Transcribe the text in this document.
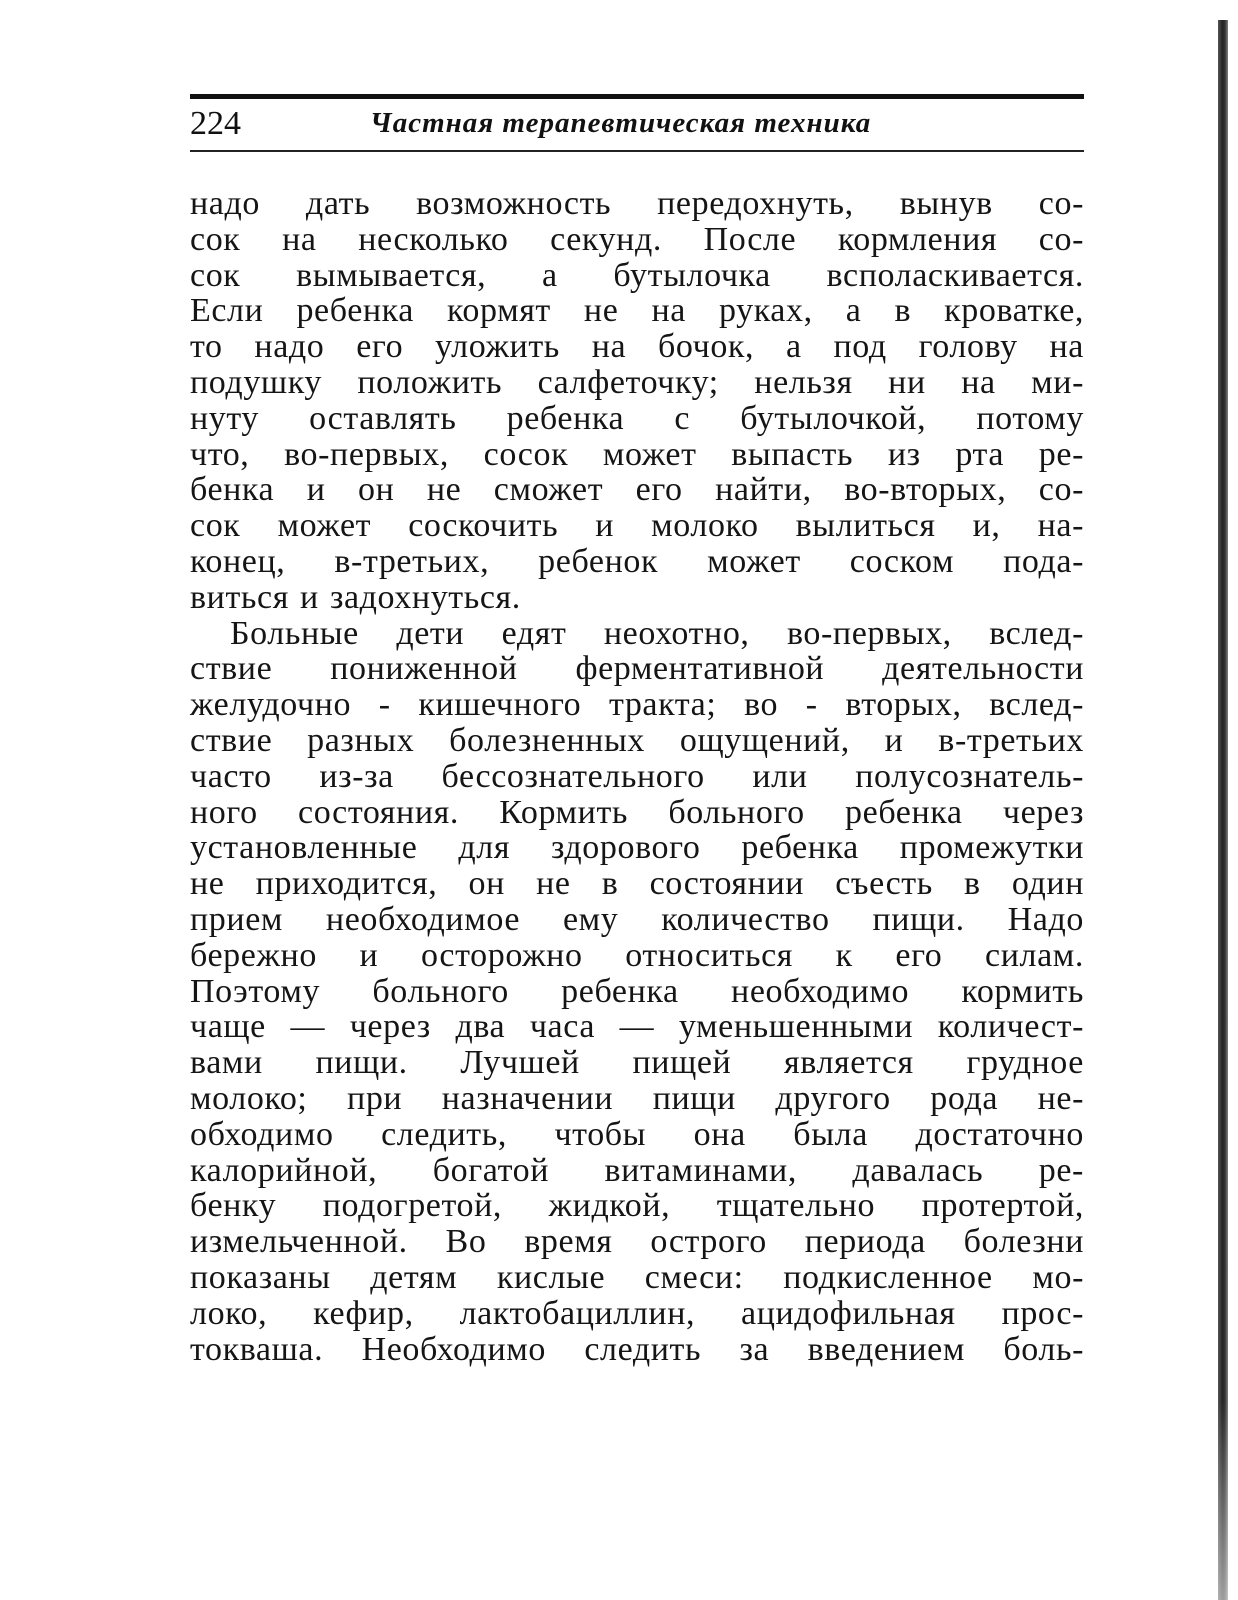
224	Частная терапевтическая техника
надо дать возможность передохнуть, вынув со-
сок на несколько секунд. После кормления со-
сок вымывается, а бутылочка всполаскивается.
Если ребенка кормят не на руках, а в кроватке,
то надо его уложить на бочок, а под голову на
подушку положить салфеточку; нельзя ни на ми-
нуту оставлять ребенка с бутылочкой, потому
что, во-первых, сосок может выпасть из рта ре-
бенка и он не сможет его найти, во-вторых, со-
сок может соскочить и молоко вылиться и, на-
конец, в-третьих, ребенок может соском пода-
виться и задохнуться.
Больные дети едят неохотно, во-первых, вслед-
ствие пониженной ферментативной деятельности
желудочно - кишечного тракта; во - вторых, вслед-
ствие разных болезненных ощущений, и в-третьих
часто из-за бессознательного или полусознатель-
ного состояния. Кормить больного ребенка через
установленные для здорового ребенка промежутки
не приходится, он не в состоянии съесть в один
прием необходимое ему количество пищи. Надо
бережно и осторожно относиться к его силам.
Поэтому больного ребенка необходимо кормить
чаще — через два часа — уменьшенными количест-
вами пищи. Лучшей пищей является грудное
молоко; при назначении пищи другого рода не-
обходимо следить, чтобы она была достаточно
калорийной, богатой витаминами, давалась ре-
бенку подогретой, жидкой, тщательно протертой,
измельченной. Во время острого периода болезни
показаны детям кислые смеси: подкисленное мо-
локо, кефир, лактобациллин, ацидофильная прос-
токваша. Необходимо следить за введением боль-
